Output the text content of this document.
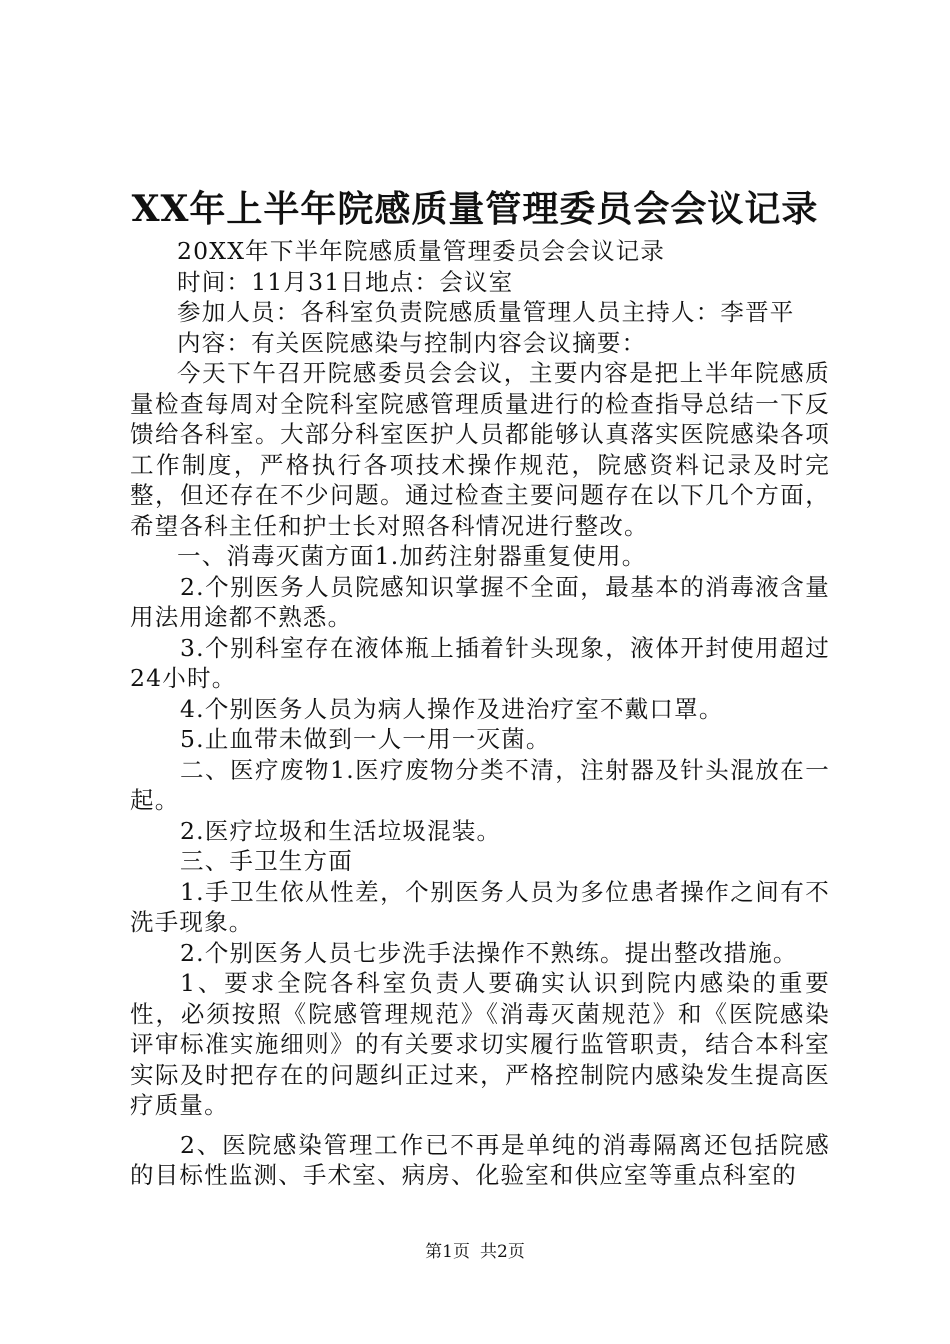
XX年上半年院感质量管理委员会会议记录

20XX年下半年院感质量管理委员会会议记录

时间：11月31日地点：会议室

参加人员：各科室负责院感质量管理人员主持人：李晋平

内容：有关医院感染与控制内容会议摘要：

今天下午召开院感委员会会议，主要内容是把上半年院感质量检查每周对全院科室院感管理质量进行的检查指导总结一下反馈给各科室。大部分科室医护人员都能够认真落实医院感染各项工作制度，严格执行各项技术操作规范，院感资料记录及时完整，但还存在不少问题。通过检查主要问题存在以下几个方面，希望各科主任和护士长对照各科情况进行整改。

一、消毒灭菌方面1.加药注射器重复使用。

2.个别医务人员院感知识掌握不全面，最基本的消毒液含量用法用途都不熟悉。

3.个别科室存在液体瓶上插着针头现象，液体开封使用超过24小时。

4.个别医务人员为病人操作及进治疗室不戴口罩。

5.止血带未做到一人一用一灭菌。

二、医疗废物1.医疗废物分类不清，注射器及针头混放在一起。

2.医疗垃圾和生活垃圾混装。

三、手卫生方面

1.手卫生依从性差，个别医务人员为多位患者操作之间有不洗手现象。

2.个别医务人员七步洗手法操作不熟练。提出整改措施。

1、要求全院各科室负责人要确实认识到院内感染的重要性，必须按照《院感管理规范》《消毒灭菌规范》和《医院感染评审标准实施细则》的有关要求切实履行监管职责，结合本科室实际及时把存在的问题纠正过来，严格控制院内感染发生提高医疗质量。

2、医院感染管理工作已不再是单纯的消毒隔离还包括院感的目标性监测、手术室、病房、化验室和供应室等重点科室的

第1页 共2页
